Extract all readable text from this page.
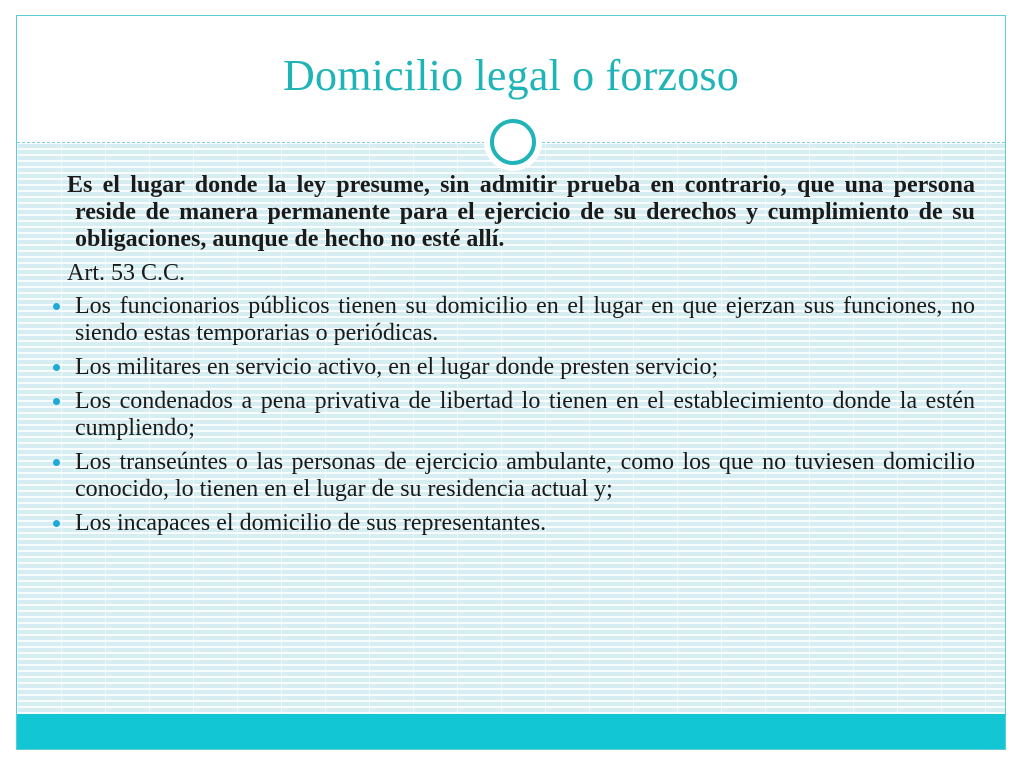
Domicilio legal o forzoso
Es el lugar donde la ley presume, sin admitir prueba en contrario, que una persona reside de manera permanente para el ejercicio de su derechos y cumplimiento de su obligaciones, aunque de hecho no esté allí.
Art. 53 C.C.
Los funcionarios públicos tienen su domicilio en el lugar en que ejerzan sus funciones, no siendo estas temporarias o periódicas.
Los militares en servicio activo, en el lugar donde presten servicio;
Los condenados a pena privativa de libertad lo tienen en el establecimiento donde la estén cumpliendo;
Los transeúntes o las personas de ejercicio ambulante, como los que no tuviesen domicilio conocido, lo tienen en el lugar de su residencia actual y;
Los incapaces el domicilio de sus representantes.
